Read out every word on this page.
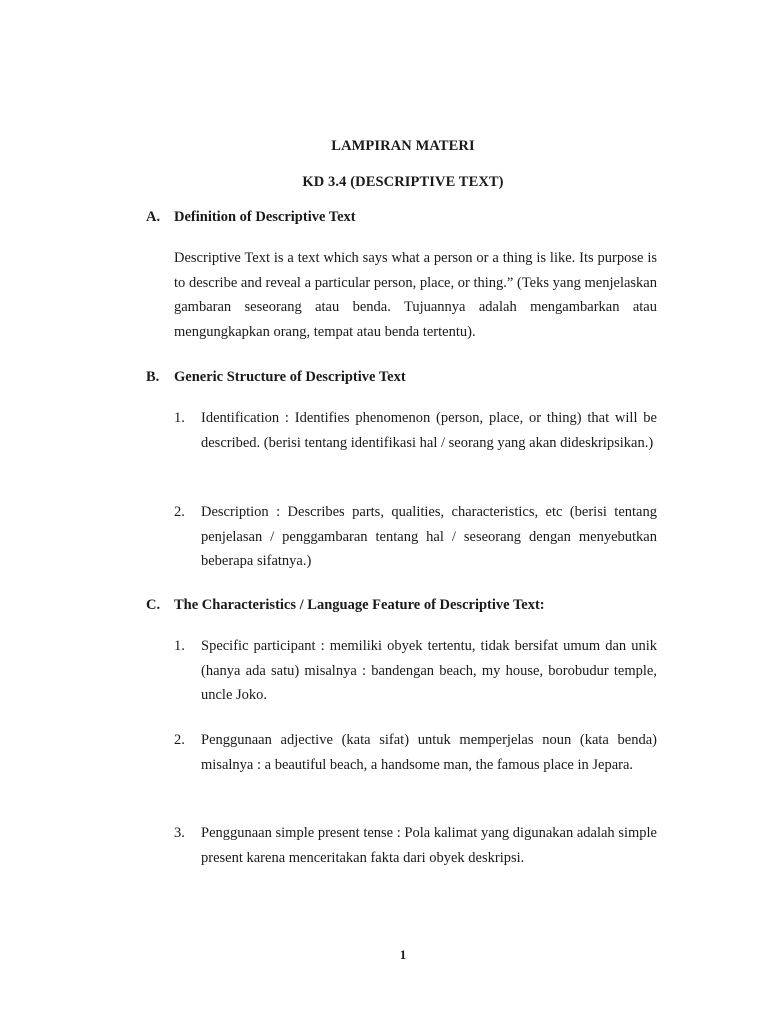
LAMPIRAN MATERI
KD 3.4 (DESCRIPTIVE TEXT)
A. Definition of Descriptive Text
Descriptive Text is a text which says what a person or a thing is like. Its purpose is to describe and reveal a particular person, place, or thing.” (Teks yang menjelaskan gambaran seseorang atau benda. Tujuannya adalah mengambarkan atau mengungkapkan orang, tempat atau benda tertentu).
B. Generic Structure of Descriptive Text
1.	Identification : Identifies phenomenon (person, place, or thing) that will be described. (berisi tentang identifikasi hal / seorang yang akan dideskripsikan.)
2.	Description : Describes parts, qualities, characteristics, etc (berisi tentang penjelasan / penggambaran tentang hal / seseorang dengan menyebutkan beberapa sifatnya.)
C. The Characteristics / Language Feature of Descriptive Text:
1.	Specific participant : memiliki obyek tertentu, tidak bersifat umum dan unik (hanya ada satu) misalnya : bandengan beach, my house, borobudur temple, uncle Joko.
2.	Penggunaan adjective (kata sifat) untuk memperjelas noun (kata benda) misalnya : a beautiful beach, a handsome man, the famous place in Jepara.
3.	Penggunaan simple present tense : Pola kalimat yang digunakan adalah simple present karena menceritakan fakta dari obyek deskripsi.
1
